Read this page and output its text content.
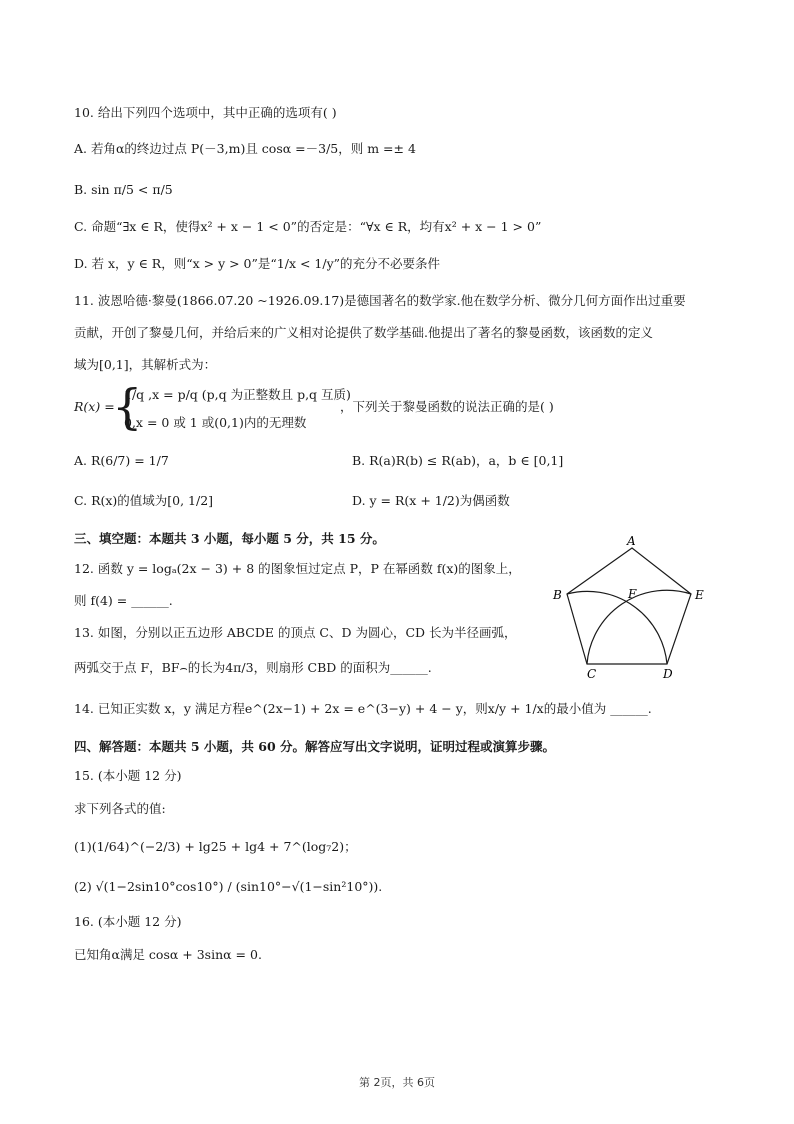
10. 给出下列四个选项中，其中正确的选项有( )
A. 若角α的终边过点 P(－3,m)且 cosα =－3/5，则 m =± 4
B. sin π/5 < π/5
C. 命题“∃x ∈ R，使得x² + x − 1 < 0”的否定是：“∀x ∈ R，均有x² + x − 1 > 0”
D. 若 x，y ∈ R，则“x > y > 0”是“1/x < 1/y”的充分不必要条件
11. 波恩哈德·黎曼(1866.07.20 ~1926.09.17)是德国著名的数学家.他在数学分析、微分几何方面作出过重要
贡献，开创了黎曼几何，并给后来的广义相对论提供了数学基础.他提出了著名的黎曼函数，该函数的定义
域为[0,1]，其解析式为：
R(x) =
{
1/q ,x = p/q (p,q 为正整数且 p,q 互质)
0,x = 0 或 1 或(0,1)内的无理数
，下列关于黎曼函数的说法正确的是( )
A. R(6/7) = 1/7	B. R(a)R(b) ≤ R(ab)，a，b ∈ [0,1]
C. R(x)的值域为[0, 1/2]	D. y = R(x + 1/2)为偶函数
三、填空题：本题共 3 小题，每小题 5 分，共 15 分。
12. 函数 y = logₐ(2x − 3) + 8 的图象恒过定点 P，P 在幂函数 f(x)的图象上，
则 f(4) = ______.
13. 如图，分别以正五边形 ABCDE 的顶点 C、D 为圆心，CD 长为半径画弧，
两弧交于点 F，BF⌢的长为4π/3，则扇形 CBD 的面积为______.
A
B
C	D
E
F
14. 已知正实数 x，y 满足方程e^(2x−1) + 2x = e^(3−y) + 4 − y，则x/y + 1/x的最小值为 ______.
四、解答题：本题共 5 小题，共 60 分。解答应写出文字说明，证明过程或演算步骤。
15. (本小题 12 分)
求下列各式的值:
(1)(1/64)^(−2/3) + lg25 + lg4 + 7^(log₇2)；
(2) √(1−2sin10°cos10°) / (sin10°−√(1−sin²10°)).
16. (本小题 12 分)
已知角α满足 cosα + 3sinα = 0.
第 2页，共 6页
